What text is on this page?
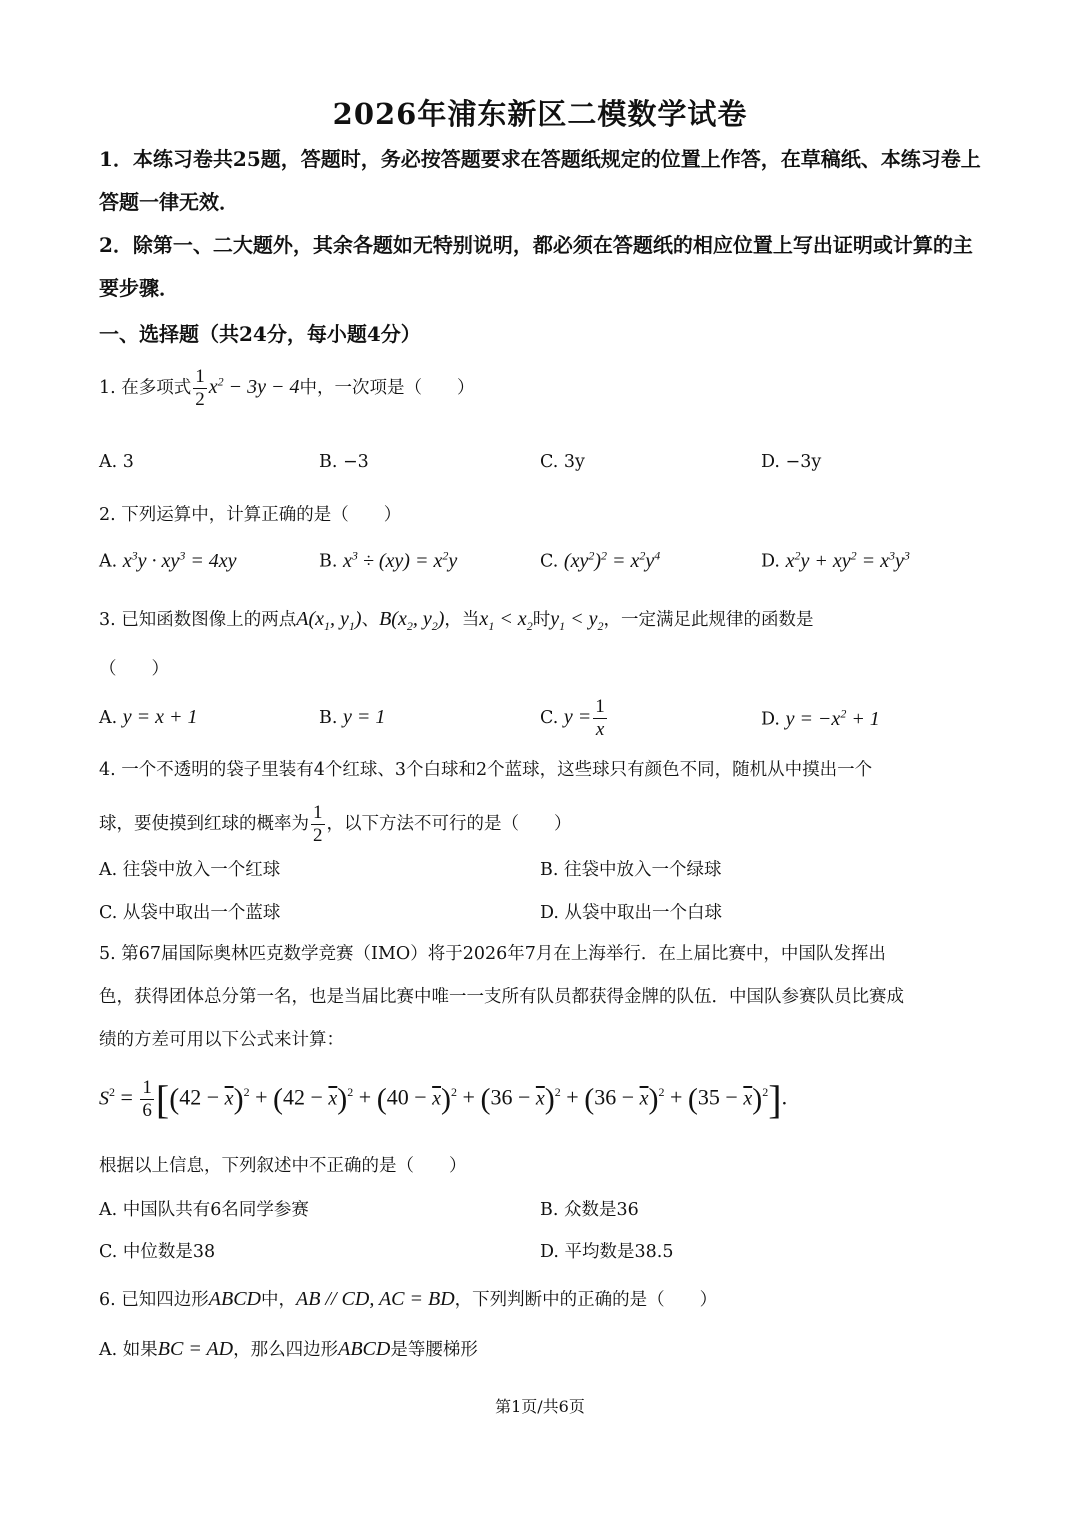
2026年浦东新区二模数学试卷
1．本练习卷共25题，答题时，务必按答题要求在答题纸规定的位置上作答，在草稿纸、本练习卷上答题一律无效．
2．除第一、二大题外，其余各题如无特别说明，都必须在答题纸的相应位置上写出证明或计算的主要步骤．
一、选择题（共24分，每小题4分）
1. 在多项式 $\frac{1}{2} x^2 - 3y - 4$中，一次项是（　　）
A. 3	B. −3	C. 3y	D. −3y
2. 下列运算中，计算正确的是（　　）
A. $x^3y \cdot xy^3 = 4xy$	B. $x^3 \div (xy) = x^2y$	C. $(xy^2)^2 = x^2y^4$	D. $x^2y + xy^2 = x^3y^3$
3. 已知函数图像上的两点$A(x_1$, $y_1$)、$B(x_2$, $y_2$)，当$x_1 < x_2$时$y_1 < y_2$，一定满足此规律的函数是
（　　）
A. y = x + 1	B. y = 1	C. $y = \frac{1}{x}$	D. $y = -x^2 + 1$
4. 一个不透明的袋子里装有4个红球、3个白球和2个蓝球，这些球只有颜色不同，随机从中摸出一个
球，要使摸到红球的概率为 $\frac{1}{2}$ ，以下方法不可行的是（　　）
A. 往袋中放入一个红球	B. 往袋中放入一个绿球
C. 从袋中取出一个蓝球	D. 从袋中取出一个白球
5. 第67届国际奥林匹克数学竞赛（IMO）将于2026年7月在上海举行．在上届比赛中，中国队发挥出
色，获得团体总分第一名，也是当届比赛中唯一一支所有队员都获得金牌的队伍．中国队参赛队员比赛成
绩的方差可用以下公式来计算：
$S^2 = \frac{1}{6} [(42 - \overline{x})^2 + (42 - \overline{x})^2 + (40 - \overline{x})^2 + (36 - \overline{x})^2 + (36 - \overline{x})^2 + (35 - \overline{x})^2]$.
根据以上信息，下列叙述中不正确的是（　　）
A. 中国队共有6名同学参赛	B. 众数是36
C. 中位数是38	D. 平均数是38.5
6. 已知四边形ABCD中，AB // CD, AC = BD，下列判断中的正确的是（　　）
A. 如果BC = AD，那么四边形ABCD是等腰梯形
第1页/共6页
